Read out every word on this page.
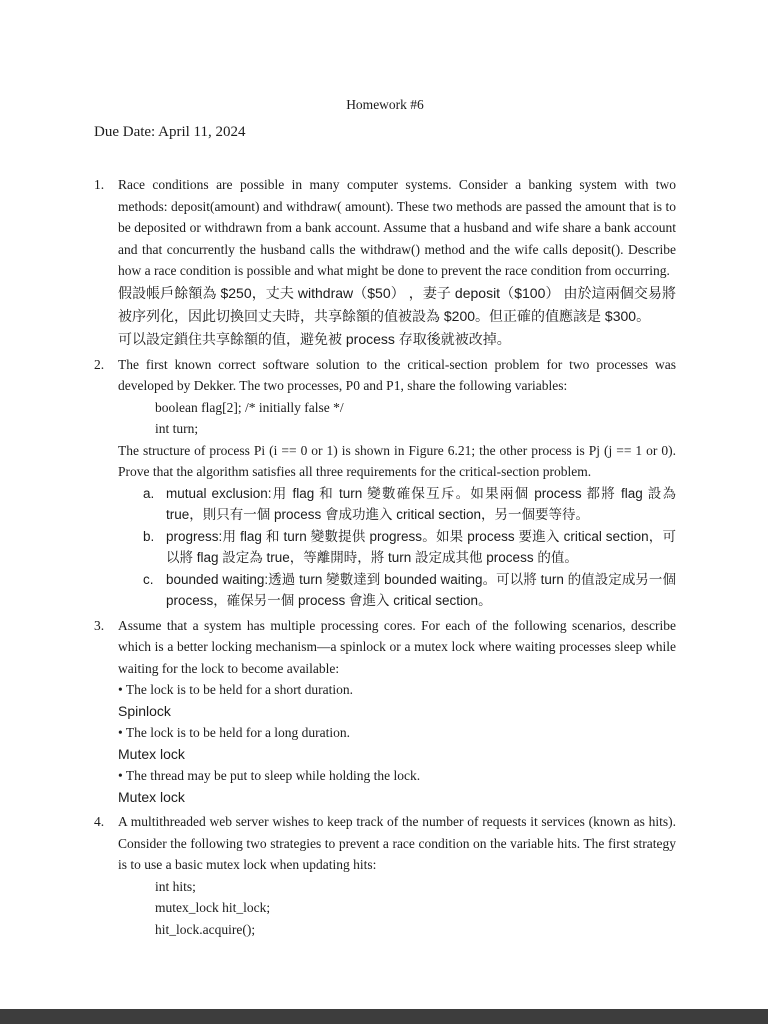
Homework #6
Due Date: April 11, 2024
1.	Race conditions are possible in many computer systems. Consider a banking system with two methods: deposit(amount) and withdraw( amount). These two methods are passed the amount that is to be deposited or withdrawn from a bank account. Assume that a husband and wife share a bank account and that concurrently the husband calls the withdraw() method and the wife calls deposit(). Describe how a race condition is possible and what might be done to prevent the race condition from occurring.

假設帳戶餘額為 $250，丈夫 withdraw（$50） ，妻子 deposit（$100） 由於這兩個交易將被序列化，因此切換回丈夫時，共享餘額的值被設為 $200。但正確的值應該是 $300。

可以設定鎖住共享餘額的值，避免被 process 存取後就被改掉。

2.	The first known correct software solution to the critical-section problem for two processes was developed by Dekker. The two processes, P0 and P1, share the following variables:

boolean flag[2]; /* initially false */
int turn;

The structure of process Pi (i == 0 or 1) is shown in Figure 6.21; the other process is Pj (j == 1 or 0). Prove that the algorithm satisfies all three requirements for the critical-section problem.

a. mutual exclusion:用 flag 和 turn 變數確保互斥。如果兩個 process 都將 flag 設為 true，則只有一個 process 會成功進入 critical section，另一個要等待。
b. progress:用 flag 和 turn 變數提供 progress。如果 process 要進入 critical section，可以將 flag 設定為 true，等離開時，將 turn 設定成其他 process 的值。
c. bounded waiting:透過 turn 變數達到 bounded waiting。可以將 turn 的值設定成另一個 process，確保另一個 process 會進入 critical section。
3.	Assume that a system has multiple processing cores. For each of the following scenarios, describe which is a better locking mechanism—a spinlock or a mutex lock where waiting processes sleep while waiting for the lock to become available:

• The lock is to be held for a short duration.
Spinlock
• The lock is to be held for a long duration.
Mutex lock
• The thread may be put to sleep while holding the lock.
Mutex lock
4.	A multithreaded web server wishes to keep track of the number of requests it services (known as hits). Consider the following two strategies to prevent a race condition on the variable hits. The first strategy is to use a basic mutex lock when updating hits:

int hits;
mutex_lock hit_lock;
hit_lock.acquire();
